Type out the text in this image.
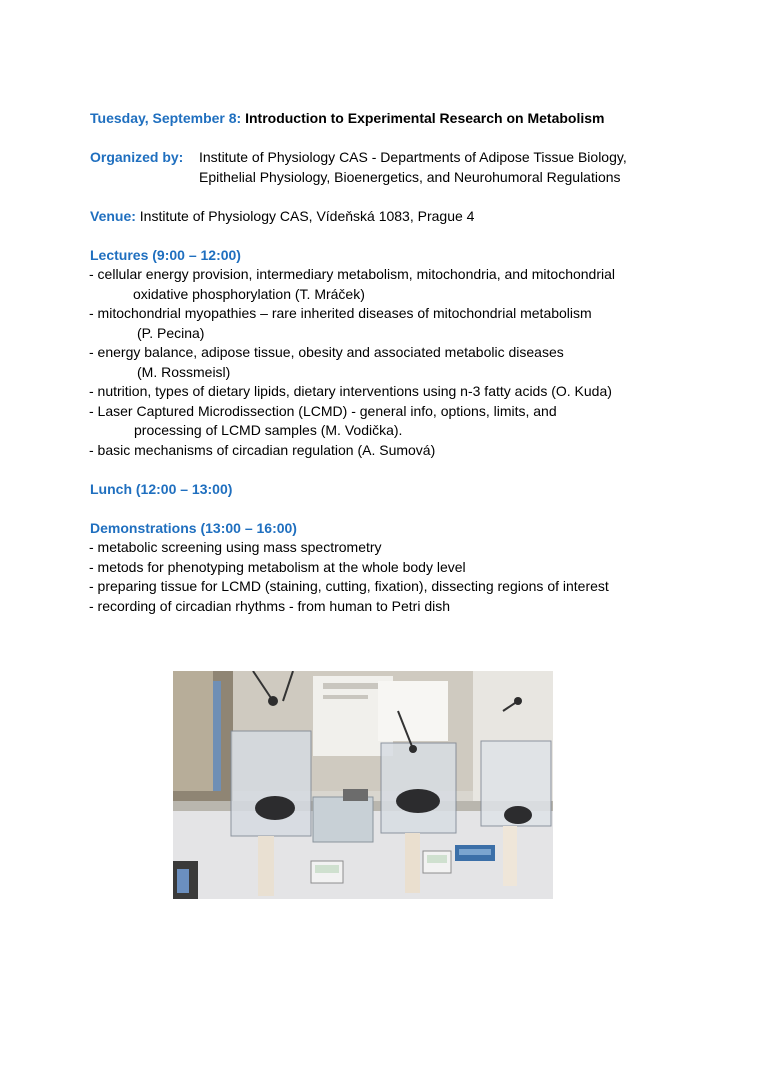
Tuesday, September 8: Introduction to Experimental Research on Metabolism
Organized by:	Institute of Physiology CAS - Departments of Adipose Tissue Biology, Epithelial Physiology, Bioenergetics, and Neurohumoral Regulations
Venue: Institute of Physiology CAS, Vídeňská 1083, Prague 4
Lectures (9:00 – 12:00)
- cellular energy provision, intermediary metabolism, mitochondria, and mitochondrial
oxidative phosphorylation (T. Mráček)
- mitochondrial myopathies – rare inherited diseases of mitochondrial metabolism
(P. Pecina)
- energy balance, adipose tissue, obesity and associated metabolic diseases
(M. Rossmeisl)
- nutrition, types of dietary lipids, dietary interventions using n-3 fatty acids (O. Kuda)
- Laser Captured Microdissection (LCMD) - general info, options, limits, and
processing of LCMD samples (M. Vodička).
- basic mechanisms of circadian regulation (A. Sumová)
Lunch (12:00 – 13:00)
Demonstrations (13:00 – 16:00)
- metabolic screening using mass spectrometry
- metods for phenotyping metabolism at the whole body level
- preparing tissue for LCMD (staining, cutting, fixation), dissecting regions of interest
- recording of circadian rhythms - from human to Petri dish
